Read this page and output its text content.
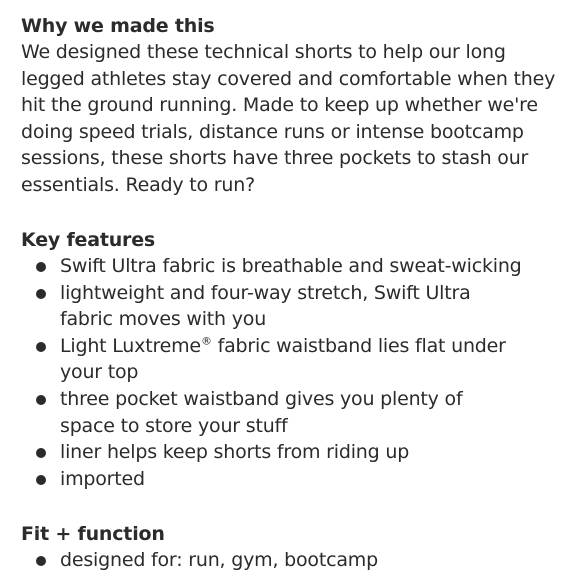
Why we made this

We designed these technical shorts to help our long legged athletes stay covered and comfortable when they hit the ground running. Made to keep up whether we're doing speed trials, distance runs or intense bootcamp sessions, these shorts have three pockets to stash our essentials. Ready to run?

Key features
Swift Ultra fabric is breathable and sweat-wicking
lightweight and four-way stretch, Swift Ultra fabric moves with you
Light Luxtreme® fabric waistband lies flat under your top
three pocket waistband gives you plenty of space to store your stuff
liner helps keep shorts from riding up
imported
Fit + function
designed for: run, gym, bootcamp
